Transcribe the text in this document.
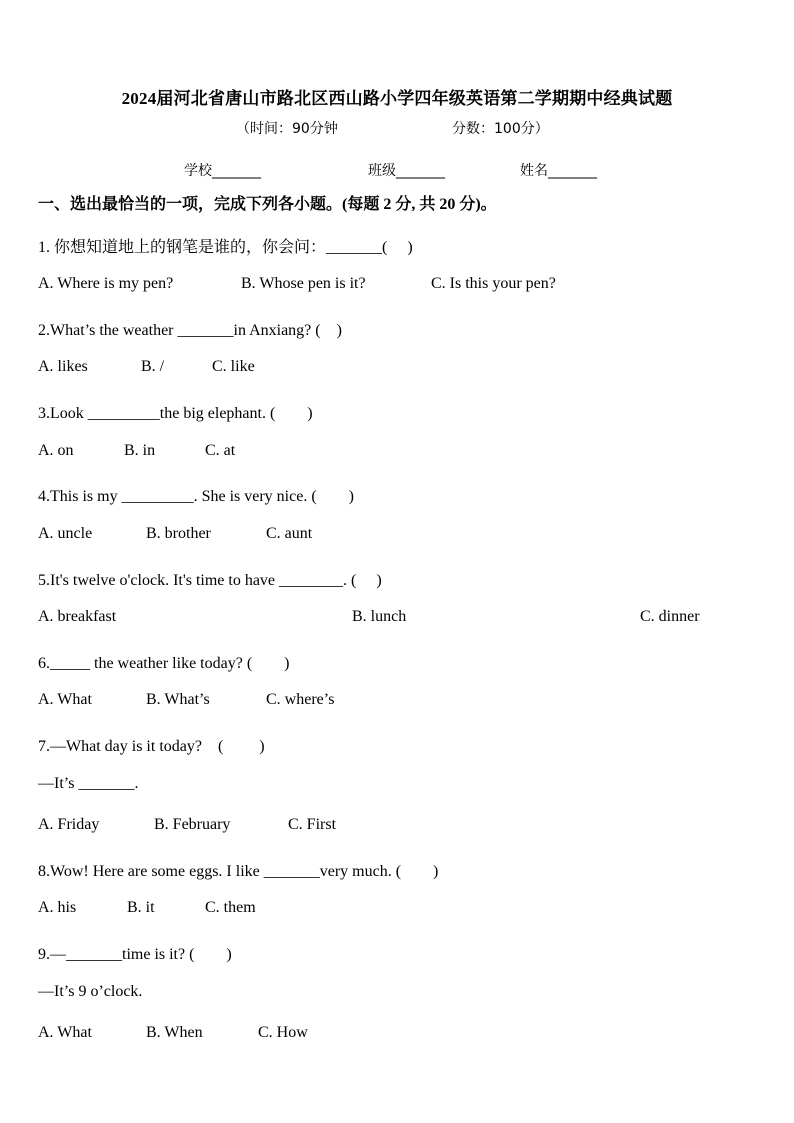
2024届河北省唐山市路北区西山路小学四年级英语第二学期期中经典试题
（时间：90分钟	分数：100分）
学校_______	班级_______	姓名_______
一、选出最恰当的一项，完成下列各小题。(每题 2 分, 共 20 分)。
1. 你想知道地上的钢笔是谁的，你会问：_______(　 )
A. Where is my pen?	B. Whose pen is it?	C. Is this your pen?
2.What’s the weather _______in Anxiang? (　)
A. likes	B. /	C. like
3.Look _________the big elephant. (　　)
A. on	B. in	C. at
4.This is my _________. She is very nice. (　　)
A. uncle	B. brother	C. aunt
5.It's twelve o'clock. It's time to have ________. (　 )
A. breakfast	B. lunch	C. dinner
6._____ the weather like today? (　　)
A. What	B. What’s	C. where’s
7.—What day is it today?　(　　 )
—It’s _______.
A. Friday	B. February	C. First
8.Wow! Here are some eggs. I like _______very much. (　　)
A. his	B. it	C. them
9.—_______time is it? (　　)
—It’s 9 o’clock.
A. What	B. When	C. How
